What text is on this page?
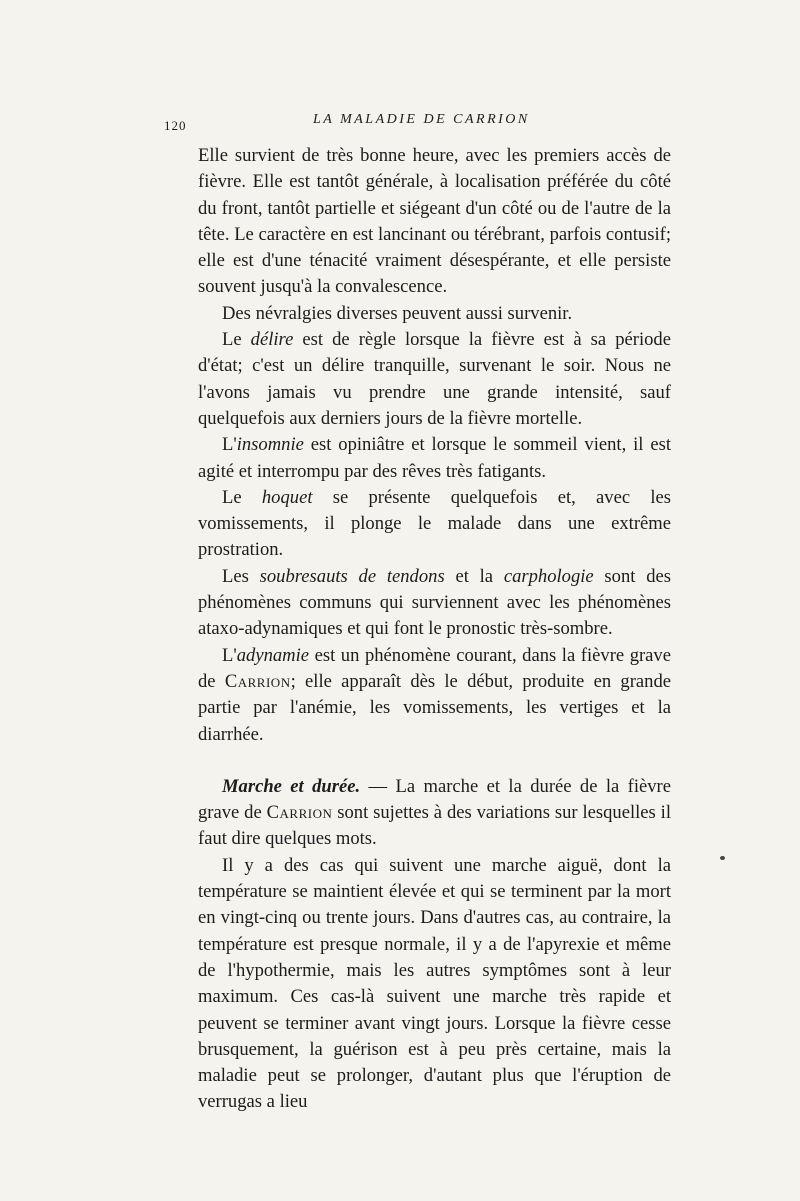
120	LA MALADIE DE CARRION

Elle survient de très bonne heure, avec les premiers accès de fièvre. Elle est tantôt générale, à localisation préférée du côté du front, tantôt partielle et siégeant d'un côté ou de l'autre de la tête. Le caractère en est lancinant ou térébrant, parfois contusif; elle est d'une ténacité vraiment désespérante, et elle persiste souvent jusqu'à la convalescence.

Des névralgies diverses peuvent aussi survenir.

Le délire est de règle lorsque la fièvre est à sa période d'état; c'est un délire tranquille, survenant le soir. Nous ne l'avons jamais vu prendre une grande intensité, sauf quelquefois aux derniers jours de la fièvre mortelle.

L'insomnie est opiniâtre et lorsque le sommeil vient, il est agité et interrompu par des rêves très fatigants.

Le hoquet se présente quelquefois et, avec les vomissements, il plonge le malade dans une extrême prostration.

Les soubresauts de tendons et la carphologie sont des phénomènes communs qui surviennent avec les phénomènes ataxo-adynamiques et qui font le pronostic très-sombre.

L'adynamie est un phénomène courant, dans la fièvre grave de Carrion; elle apparaît dès le début, produite en grande partie par l'anémie, les vomissements, les vertiges et la diarrhée.

Marche et durée. — La marche et la durée de la fièvre grave de Carrion sont sujettes à des variations sur lesquelles il faut dire quelques mots.

Il y a des cas qui suivent une marche aiguë, dont la température se maintient élevée et qui se terminent par la mort en vingt-cinq ou trente jours. Dans d'autres cas, au contraire, la température est presque normale, il y a de l'apyrexie et même de l'hypothermie, mais les autres symptômes sont à leur maximum. Ces cas-là suivent une marche très rapide et peuvent se terminer avant vingt jours. Lorsque la fièvre cesse brusquement, la guérison est à peu près certaine, mais la maladie peut se prolonger, d'autant plus que l'éruption de verrugas a lieu
